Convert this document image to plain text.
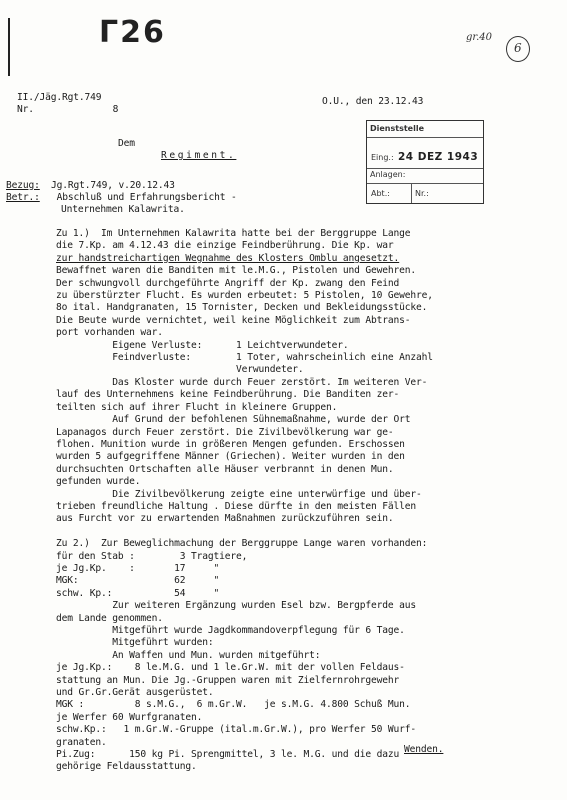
Г26	gr.40
6
II./Jäg.Rgt.749
Nr.	8
O.U., den 23.12.43
Dienststelle
Eing.: 24 DEZ 1943
Anlagen:
Abt.:	Nr.:
Dem
Regiment.
Bezug: Jg.Rgt.749, v.20.12.43
Betr.: Abschluß und Erfahrungsbericht -
Unternehmen Kalawrita.
Zu 1.)  Im Unternehmen Kalawrita hatte bei der Berggruppe Lange
die 7.Kp. am 4.12.43 die einzige Feindberührung. Die Kp. war
zur handstreichartigen Wegnahme des Klosters Omblu angesetzt.
Bewaffnet waren die Banditen mit le.M.G., Pistolen und Gewehren.
Der schwungvoll durchgeführte Angriff der Kp. zwang den Feind
zu überstürzter Flucht. Es wurden erbeutet: 5 Pistolen, 10 Gewehre,
8o ital. Handgranaten, 15 Tornister, Decken und Bekleidungsstücke.
Die Beute wurde vernichtet, weil keine Möglichkeit zum Abtrans-
port vorhanden war.
Eigene Verluste:      1 Leichtverwundeter.
Feindverluste:        1 Toter, wahrscheinlich eine Anzahl
Verwundeter.
Das Kloster wurde durch Feuer zerstört. Im weiteren Ver-
lauf des Unternehmens keine Feindberührung. Die Banditen zer-
teilten sich auf ihrer Flucht in kleinere Gruppen.
Auf Grund der befohlenen Sühnemaßnahme, wurde der Ort
Lapanagos durch Feuer zerstört. Die Zivilbevölkerung war ge-
flohen. Munition wurde in größeren Mengen gefunden. Erschossen
wurden 5 aufgegriffene Männer (Griechen). Weiter wurden in den
durchsuchten Ortschaften alle Häuser verbrannt in denen Mun.
gefunden wurde.
Die Zivilbevölkerung zeigte eine unterwürfige und über-
trieben freundliche Haltung . Diese dürfte in den meisten Fällen
aus Furcht vor zu erwartenden Maßnahmen zurückzuführen sein.
Zu 2.)  Zur Beweglichmachung der Berggruppe Lange waren vorhanden:
für den Stab :        3 Tragtiere,
je Jg.Kp.    :       17     "
MGK:                 62     "
schw. Kp.:           54     "
Zur weiteren Ergänzung wurden Esel bzw. Bergpferde aus
dem Lande genommen.
Mitgeführt wurde Jagdkommandoverpflegung für 6 Tage.
Mitgeführt wurden:
An Waffen und Mun. wurden mitgeführt:
je Jg.Kp.:    8 le.M.G. und 1 le.Gr.W. mit der vollen Feldaus-
stattung an Mun. Die Jg.-Gruppen waren mit Zielfernrohrgewehr
und Gr.Gr.Gerät ausgerüstet.
MGK :         8 s.M.G.,  6 m.Gr.W.   je s.M.G. 4.800 Schuß Mun.
je Werfer 60 Wurfgranaten.
schw.Kp.:   1 m.Gr.W.-Gruppe (ital.m.Gr.W.), pro Werfer 50 Wurf-
granaten.
Pi.Zug:      150 kg Pi. Sprengmittel, 3 le. M.G. und die dazu
gehörige Feldausstattung.
Wenden.
